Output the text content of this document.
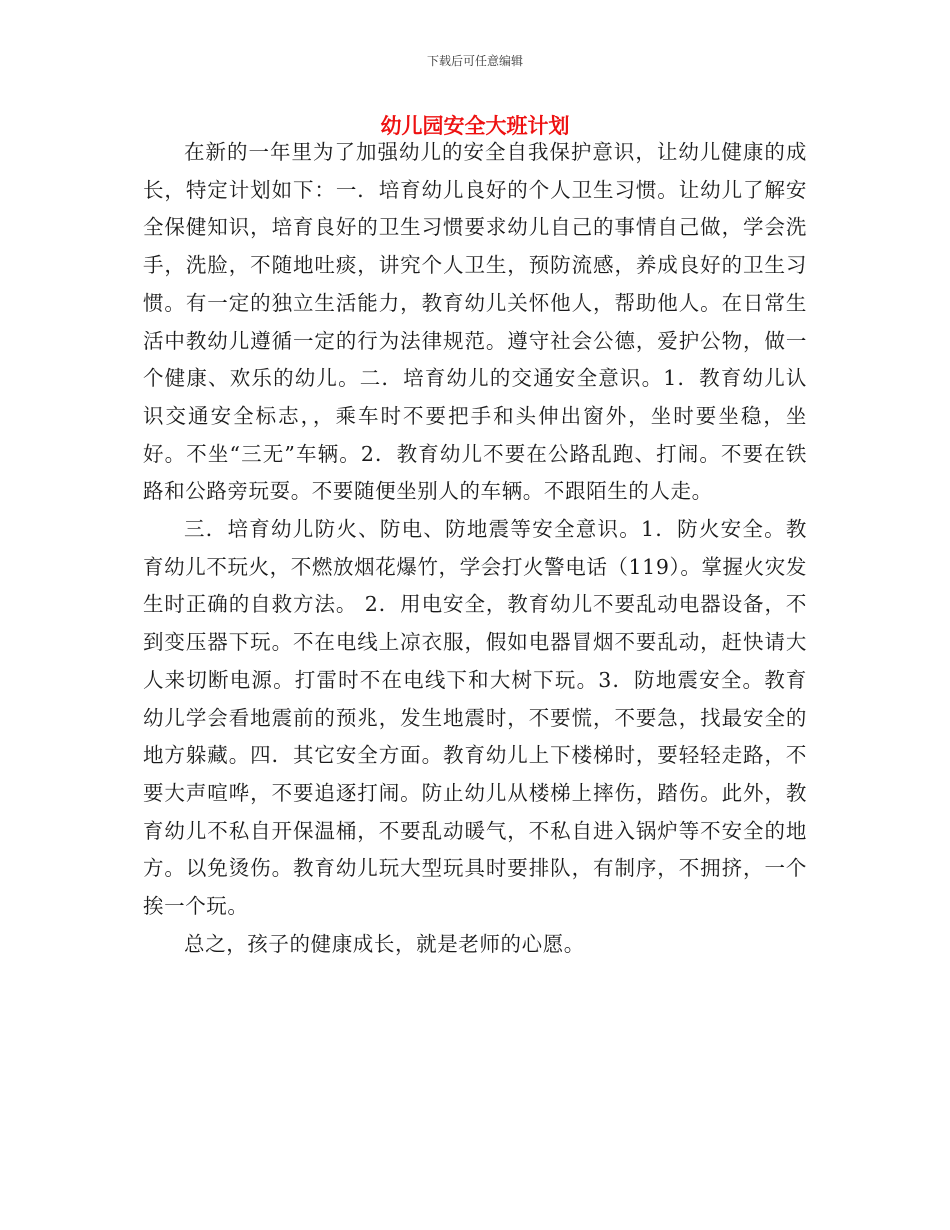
下载后可任意编辑
幼儿园安全大班计划

在新的一年里为了加强幼儿的安全自我保护意识，让幼儿健康的成长，特定计划如下：一．培育幼儿良好的个人卫生习惯。让幼儿了解安全保健知识，培育良好的卫生习惯要求幼儿自己的事情自己做，学会洗手，洗脸，不随地吐痰，讲究个人卫生，预防流感，养成良好的卫生习惯。有一定的独立生活能力，教育幼儿关怀他人，帮助他人。在日常生活中教幼儿遵循一定的行为法律规范。遵守社会公德，爱护公物，做一个健康、欢乐的幼儿。二．培育幼儿的交通安全意识。1．教育幼儿认识交通安全标志，，乘车时不要把手和头伸出窗外，坐时要坐稳，坐好。不坐“三无”车辆。2．教育幼儿不要在公路乱跑、打闹。不要在铁路和公路旁玩耍。不要随便坐别人的车辆。不跟陌生的人走。

三．培育幼儿防火、防电、防地震等安全意识。1．防火安全。教育幼儿不玩火，不燃放烟花爆竹，学会打火警电话（119）。掌握火灾发生时正确的自救方法。 2．用电安全，教育幼儿不要乱动电器设备，不到变压器下玩。不在电线上凉衣服，假如电器冒烟不要乱动，赶快请大人来切断电源。打雷时不在电线下和大树下玩。3．防地震安全。教育幼儿学会看地震前的预兆，发生地震时，不要慌，不要急，找最安全的地方躲藏。四．其它安全方面。教育幼儿上下楼梯时，要轻轻走路，不要大声喧哗，不要追逐打闹。防止幼儿从楼梯上摔伤，踏伤。此外，教育幼儿不私自开保温桶，不要乱动暖气，不私自进入锅炉等不安全的地方。以免烫伤。教育幼儿玩大型玩具时要排队，有制序，不拥挤，一个挨一个玩。

总之，孩子的健康成长，就是老师的心愿。
